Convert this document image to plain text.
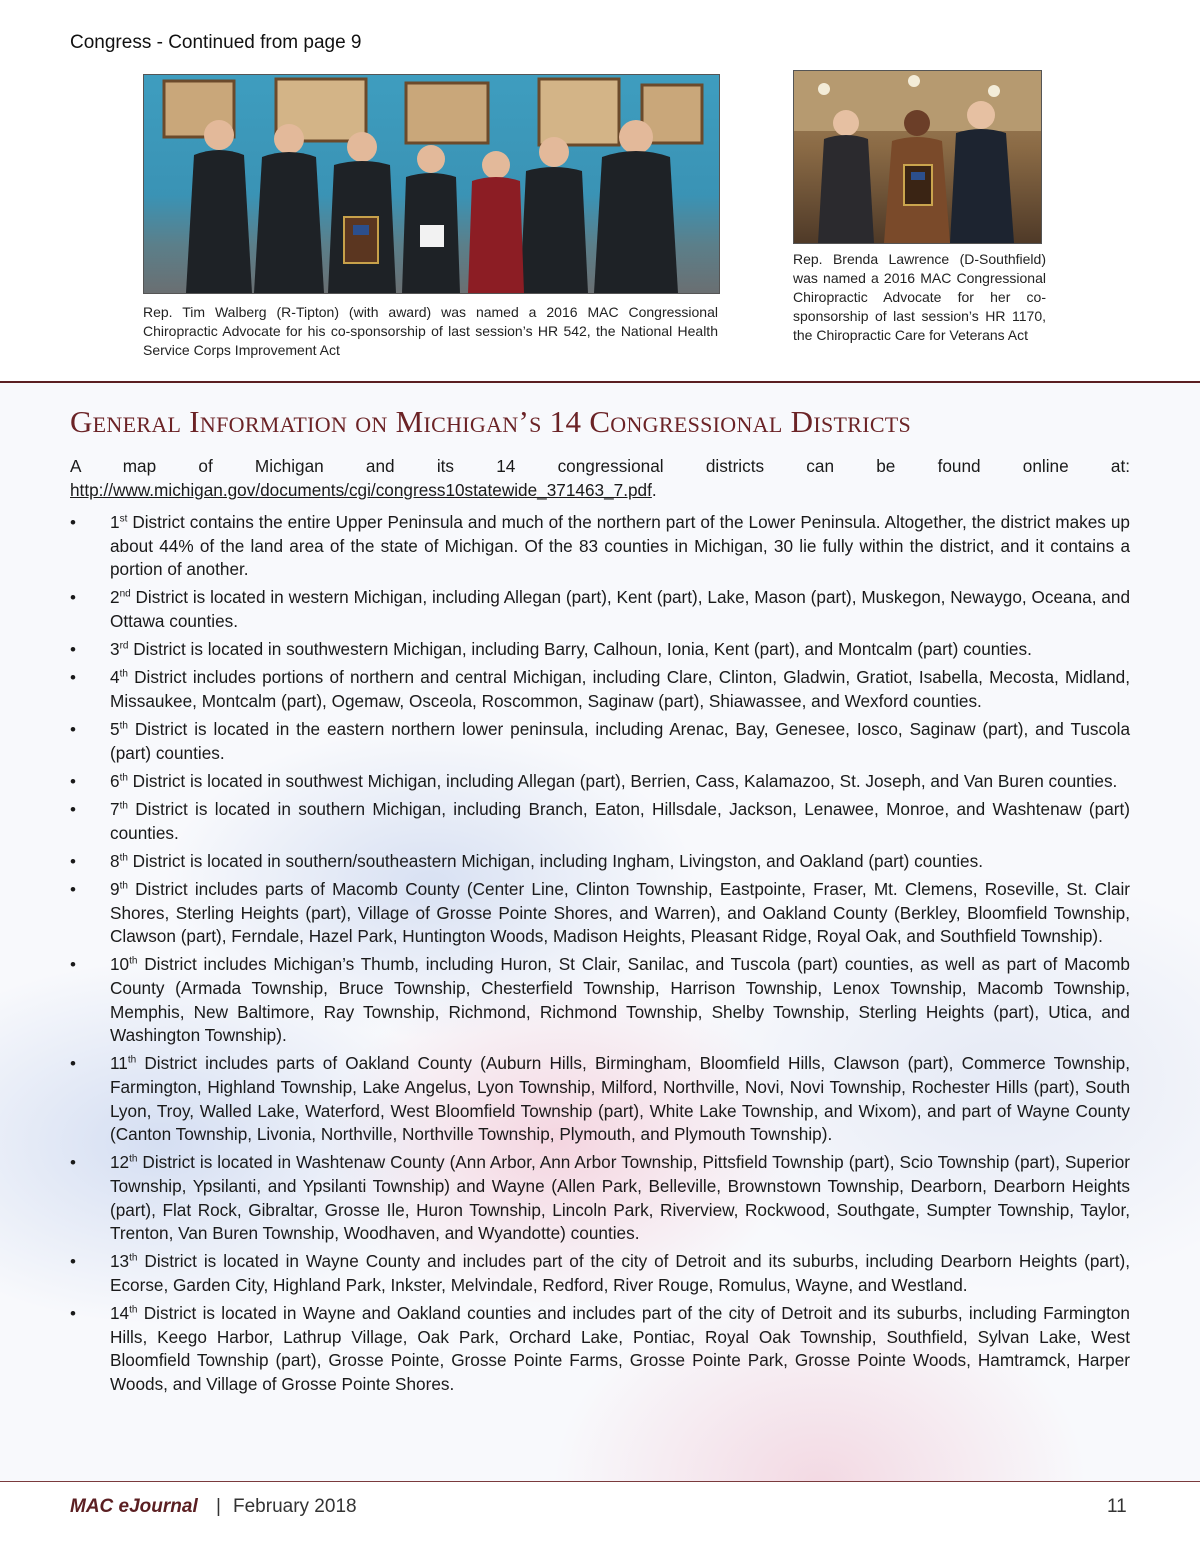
Congress - Continued from page 9
Rep. Tim Walberg (R-Tipton) (with award) was named a 2016 MAC Congressional Chiropractic Advocate for his co-sponsorship of last session’s HR 542, the National Health Service Corps Improvement Act
Rep. Brenda Lawrence (D-Southfield) was named a 2016 MAC Congressional Chiropractic Advocate for her co-sponsorship of last session’s HR 1170, the Chiropractic Care for Veterans Act
General Information on Michigan’s 14 Congressional Districts
A map of Michigan and its 14 congressional districts can be found online at: http://www.michigan.gov/documents/cgi/congress10statewide_371463_7.pdf.
• 1st District contains the entire Upper Peninsula and much of the northern part of the Lower Peninsula. Altogether, the district makes up about 44% of the land area of the state of Michigan. Of the 83 counties in Michigan, 30 lie fully within the district, and it contains a portion of another.
• 2nd District is located in western Michigan, including Allegan (part), Kent (part), Lake, Mason (part), Muskegon, Newaygo, Oceana, and Ottawa counties.
• 3rd District is located in southwestern Michigan, including Barry, Calhoun, Ionia, Kent (part), and Montcalm (part) counties.
• 4th District includes portions of northern and central Michigan, including Clare, Clinton, Gladwin, Gratiot, Isabella, Mecosta, Midland, Missaukee, Montcalm (part), Ogemaw, Osceola, Roscommon, Saginaw (part), Shiawassee, and Wexford counties.
• 5th District is located in the eastern northern lower peninsula, including Arenac, Bay, Genesee, Iosco, Saginaw (part), and Tuscola (part) counties.
• 6th District is located in southwest Michigan, including Allegan (part), Berrien, Cass, Kalamazoo, St. Joseph, and Van Buren counties.
• 7th District is located in southern Michigan, including Branch, Eaton, Hillsdale, Jackson, Lenawee, Monroe, and Washtenaw (part) counties.
• 8th District is located in southern/southeastern Michigan, including Ingham, Livingston, and Oakland (part) counties.
• 9th District includes parts of Macomb County (Center Line, Clinton Township, Eastpointe, Fraser, Mt. Clemens, Roseville, St. Clair Shores, Sterling Heights (part), Village of Grosse Pointe Shores, and Warren), and Oakland County (Berkley, Bloomfield Township, Clawson (part), Ferndale, Hazel Park, Huntington Woods, Madison Heights, Pleasant Ridge, Royal Oak, and Southfield Township).
• 10th District includes Michigan’s Thumb, including Huron, St Clair, Sanilac, and Tuscola (part) counties, as well as part of Macomb County (Armada Township, Bruce Township, Chesterfield Township, Harrison Township, Lenox Township, Macomb Township, Memphis, New Baltimore, Ray Township, Richmond, Richmond Township, Shelby Township, Sterling Heights (part), Utica, and Washington Township).
• 11th District includes parts of Oakland County (Auburn Hills, Birmingham, Bloomfield Hills, Clawson (part), Commerce Township, Farmington, Highland Township, Lake Angelus, Lyon Township, Milford, Northville, Novi, Novi Township, Rochester Hills (part), South Lyon, Troy, Walled Lake, Waterford, West Bloomfield Township (part), White Lake Township, and Wixom), and part of Wayne County (Canton Township, Livonia, Northville, Northville Township, Plymouth, and Plymouth Township).
• 12th District is located in Washtenaw County (Ann Arbor, Ann Arbor Township, Pittsfield Township (part), Scio Township (part), Superior Township, Ypsilanti, and Ypsilanti Township) and Wayne (Allen Park, Belleville, Brownstown Township, Dearborn, Dearborn Heights (part), Flat Rock, Gibraltar, Grosse Ile, Huron Township, Lincoln Park, Riverview, Rockwood, Southgate, Sumpter Township, Taylor, Trenton, Van Buren Township, Woodhaven, and Wyandotte) counties.
• 13th District is located in Wayne County and includes part of the city of Detroit and its suburbs, including Dearborn Heights (part), Ecorse, Garden City, Highland Park, Inkster, Melvindale, Redford, River Rouge, Romulus, Wayne, and Westland.
• 14th District is located in Wayne and Oakland counties and includes part of the city of Detroit and its suburbs, including Farmington Hills, Keego Harbor, Lathrup Village, Oak Park, Orchard Lake, Pontiac, Royal Oak Township, Southfield, Sylvan Lake, West Bloomfield Township (part), Grosse Pointe, Grosse Pointe Farms, Grosse Pointe Park, Grosse Pointe Woods, Hamtramck, Harper Woods, and Village of Grosse Pointe Shores.
MAC eJournal | February 2018	11
